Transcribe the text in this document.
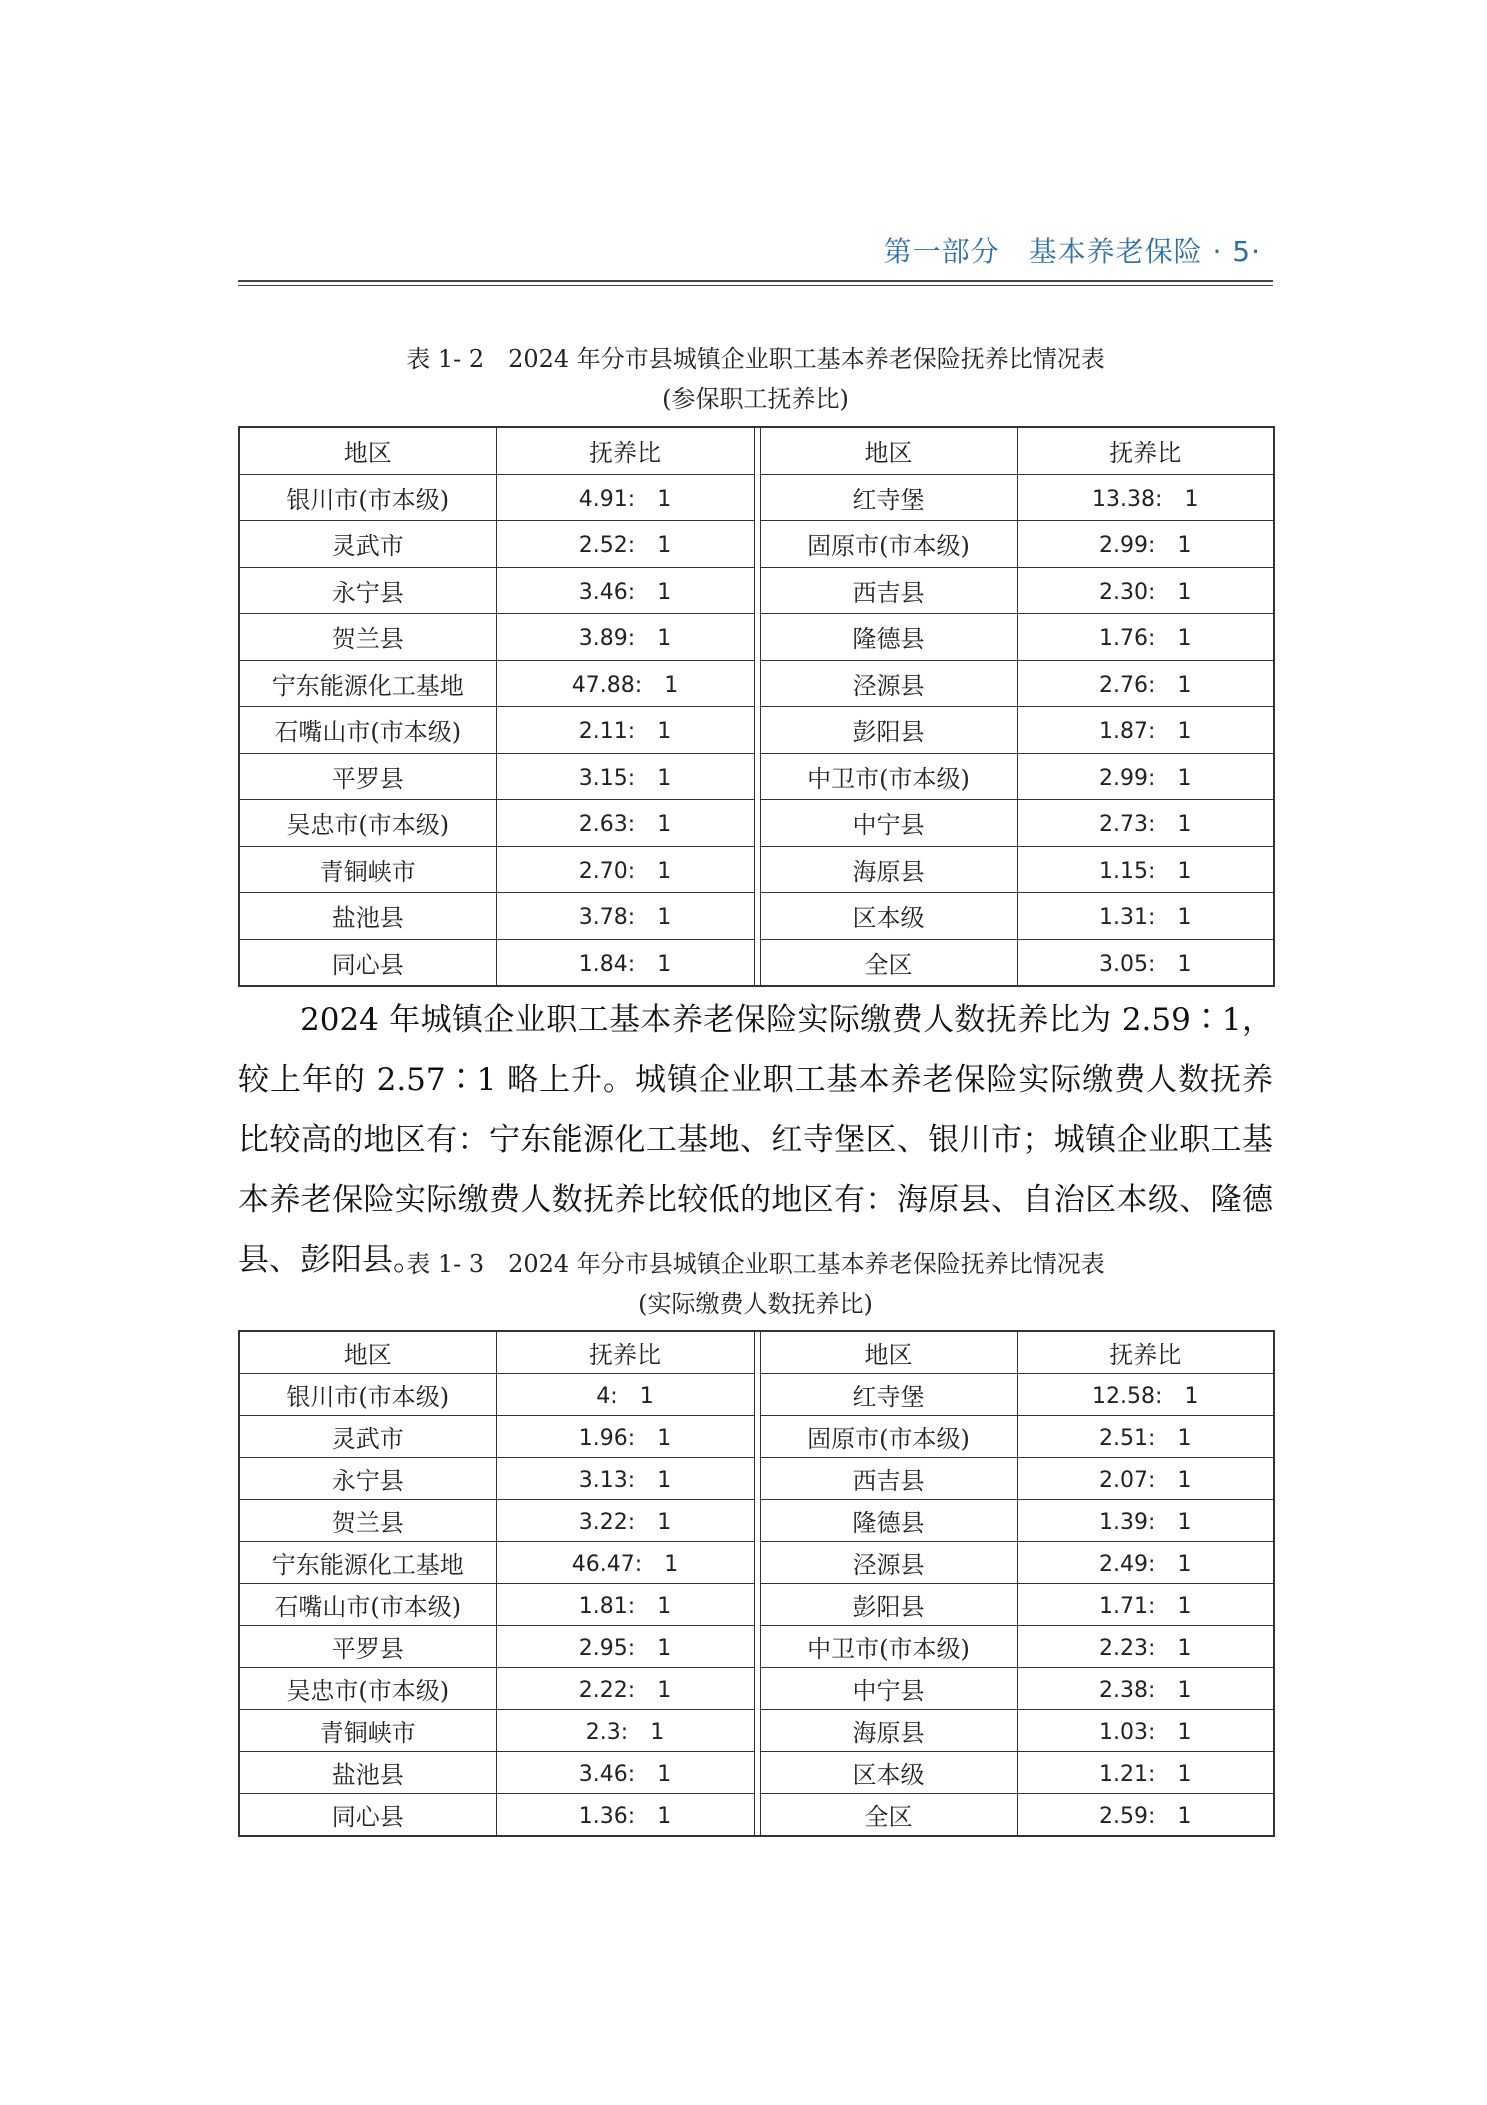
第一部分　基本养老保险 · 5·
表 1- 2　2024 年分市县城镇企业职工基本养老保险抚养比情况表
(参保职工抚养比)
地区	抚养比		地区	抚养比
银川市(市本级)	4.91:　1		红寺堡	13.38:　1
灵武市	2.52:　1		固原市(市本级)	2.99:　1
永宁县	3.46:　1		西吉县	2.30:　1
贺兰县	3.89:　1		隆德县	1.76:　1
宁东能源化工基地	47.88:　1		泾源县	2.76:　1
石嘴山市(市本级)	2.11:　1		彭阳县	1.87:　1
平罗县	3.15:　1		中卫市(市本级)	2.99:　1
吴忠市(市本级)	2.63:　1		中宁县	2.73:　1
青铜峡市	2.70:　1		海原县	1.15:　1
盐池县	3.78:　1		区本级	1.31:　1
同心县	1.84:　1		全区	3.05:　1

2024 年城镇企业职工基本养老保险实际缴费人数抚养比为 2.59∶1，较上年的 2.57∶1 略上升。城镇企业职工基本养老保险实际缴费人数抚养比较高的地区有：宁东能源化工基地、红寺堡区、银川市；城镇企业职工基本养老保险实际缴费人数抚养比较低的地区有：海原县、自治区本级、隆德县、彭阳县。

表 1- 3　2024 年分市县城镇企业职工基本养老保险抚养比情况表
(实际缴费人数抚养比)
地区	抚养比		地区	抚养比
银川市(市本级)	4:　1		红寺堡	12.58:　1
灵武市	1.96:　1		固原市(市本级)	2.51:　1
永宁县	3.13:　1		西吉县	2.07:　1
贺兰县	3.22:　1		隆德县	1.39:　1
宁东能源化工基地	46.47:　1		泾源县	2.49:　1
石嘴山市(市本级)	1.81:　1		彭阳县	1.71:　1
平罗县	2.95:　1		中卫市(市本级)	2.23:　1
吴忠市(市本级)	2.22:　1		中宁县	2.38:　1
青铜峡市	2.3:　1		海原县	1.03:　1
盐池县	3.46:　1		区本级	1.21:　1
同心县	1.36:　1		全区	2.59:　1
